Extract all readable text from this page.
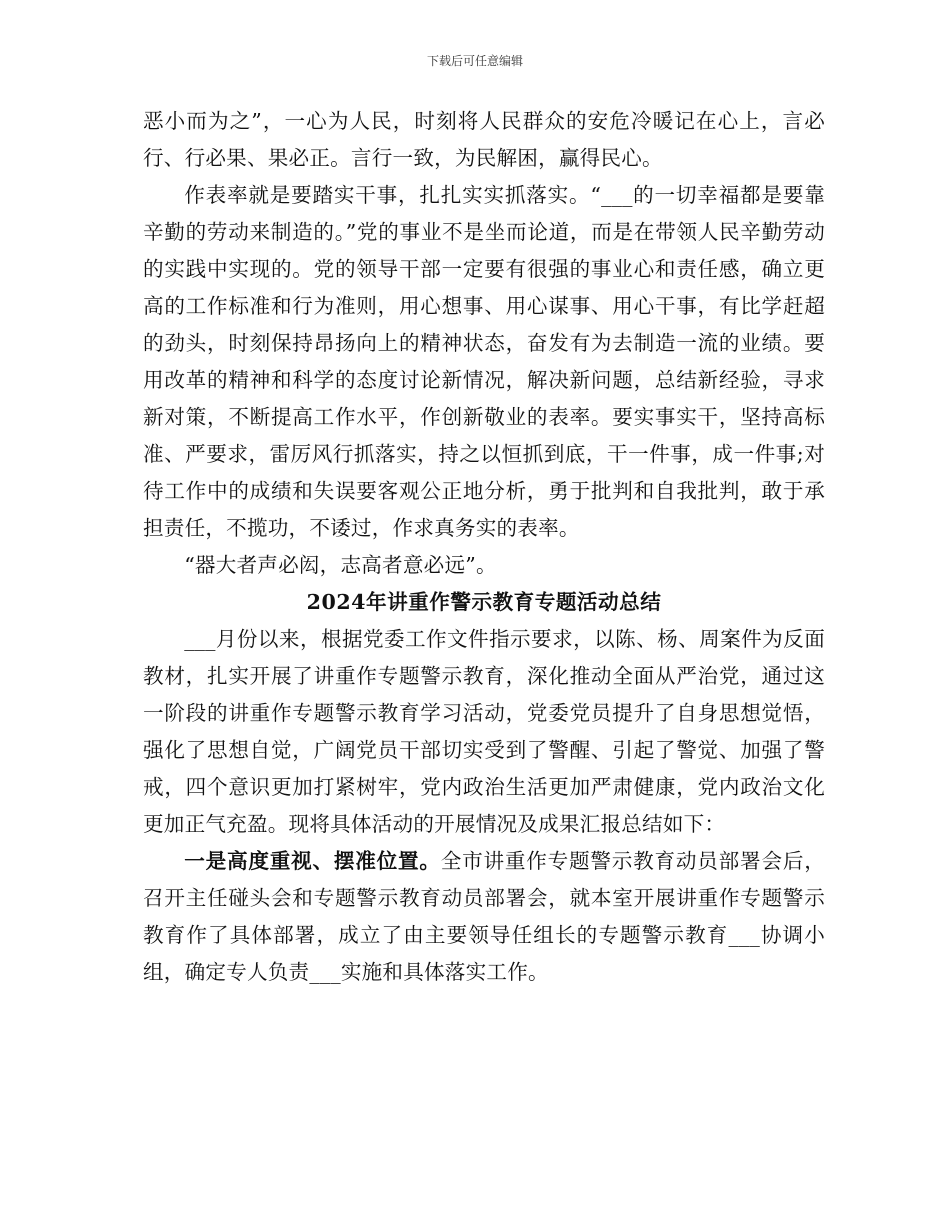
下载后可任意编辑

恶小而为之”，一心为人民，时刻将人民群众的安危冷暖记在心上，言必行、行必果、果必正。言行一致，为民解困，赢得民心。

作表率就是要踏实干事，扎扎实实抓落实。“___的一切幸福都是要靠辛勤的劳动来制造的。”党的事业不是坐而论道，而是在带领人民辛勤劳动的实践中实现的。党的领导干部一定要有很强的事业心和责任感，确立更高的工作标准和行为准则，用心想事、用心谋事、用心干事，有比学赶超的劲头，时刻保持昂扬向上的精神状态，奋发有为去制造一流的业绩。要用改革的精神和科学的态度讨论新情况，解决新问题，总结新经验，寻求新对策，不断提高工作水平，作创新敬业的表率。要实事实干，坚持高标准、严要求，雷厉风行抓落实，持之以恒抓到底，干一件事，成一件事;对待工作中的成绩和失误要客观公正地分析，勇于批判和自我批判，敢于承担责任，不揽功，不诿过，作求真务实的表率。

“器大者声必闳，志高者意必远”。

2024年讲重作警示教育专题活动总结

___月份以来，根据党委工作文件指示要求，以陈、杨、周案件为反面教材，扎实开展了讲重作专题警示教育，深化推动全面从严治党，通过这一阶段的讲重作专题警示教育学习活动，党委党员提升了自身思想觉悟，强化了思想自觉，广阔党员干部切实受到了警醒、引起了警觉、加强了警戒，四个意识更加打紧树牢，党内政治生活更加严肃健康，党内政治文化更加正气充盈。现将具体活动的开展情况及成果汇报总结如下：

一是高度重视、摆准位置。全市讲重作专题警示教育动员部署会后，召开主任碰头会和专题警示教育动员部署会，就本室开展讲重作专题警示教育作了具体部署，成立了由主要领导任组长的专题警示教育___协调小组，确定专人负责___实施和具体落实工作。
